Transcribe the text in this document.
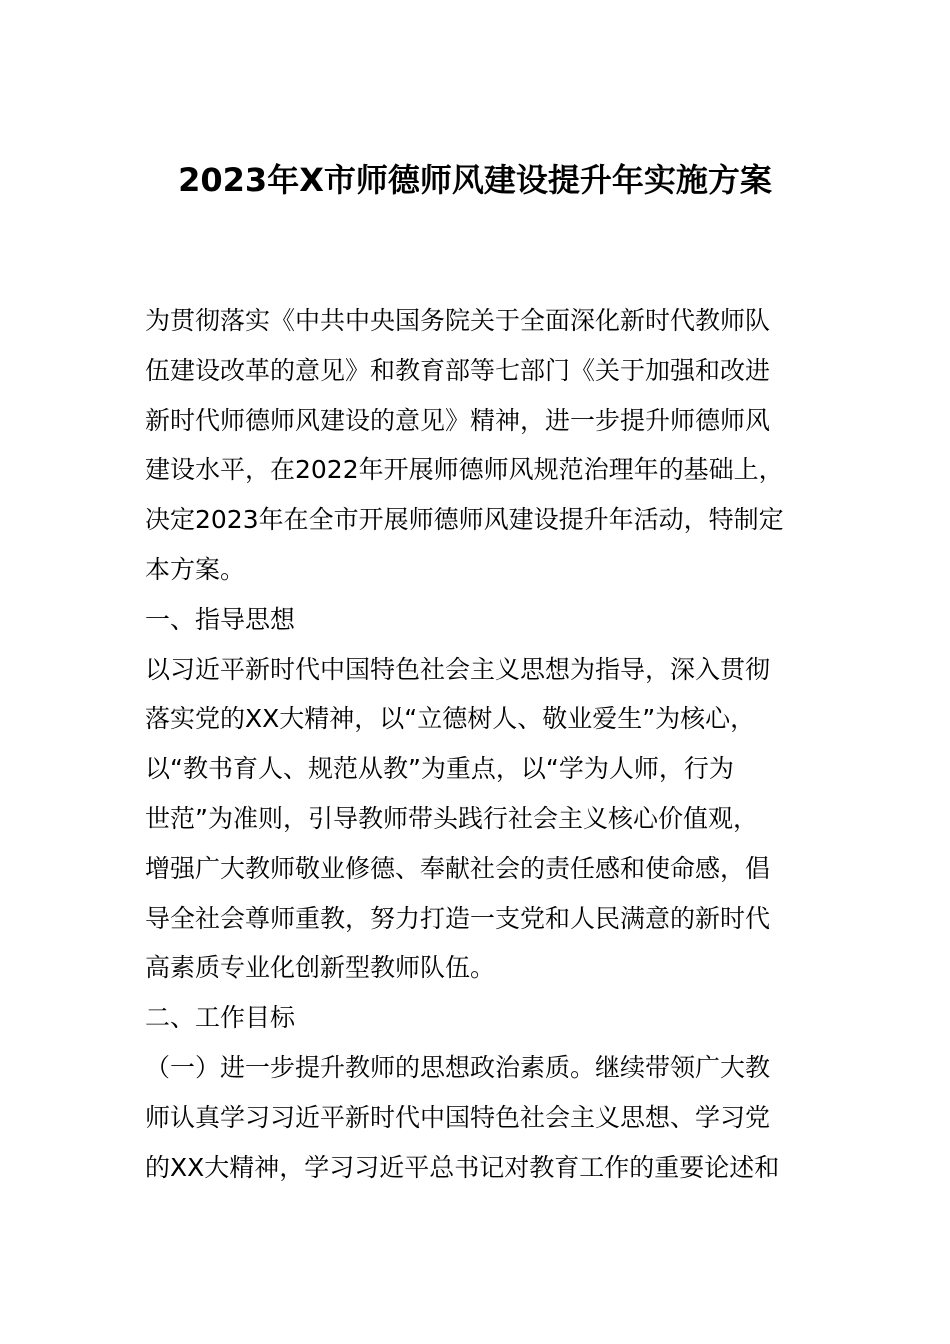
2023年X市师德师风建设提升年实施方案
为贯彻落实《中共中央国务院关于全面深化新时代教师队
伍建设改革的意见》和教育部等七部门《关于加强和改进
新时代师德师风建设的意见》精神，进一步提升师德师风
建设水平，在2022年开展师德师风规范治理年的基础上，
决定2023年在全市开展师德师风建设提升年活动，特制定
本方案。
一、指导思想
以习近平新时代中国特色社会主义思想为指导，深入贯彻
落实党的XX大精神，以“立德树人、敬业爱生”为核心，
以“教书育人、规范从教”为重点，以“学为人师，行为
世范”为准则，引导教师带头践行社会主义核心价值观，
增强广大教师敬业修德、奉献社会的责任感和使命感，倡
导全社会尊师重教，努力打造一支党和人民满意的新时代
高素质专业化创新型教师队伍。
二、工作目标
（一）进一步提升教师的思想政治素质。继续带领广大教
师认真学习习近平新时代中国特色社会主义思想、学习党
的XX大精神，学习习近平总书记对教育工作的重要论述和
